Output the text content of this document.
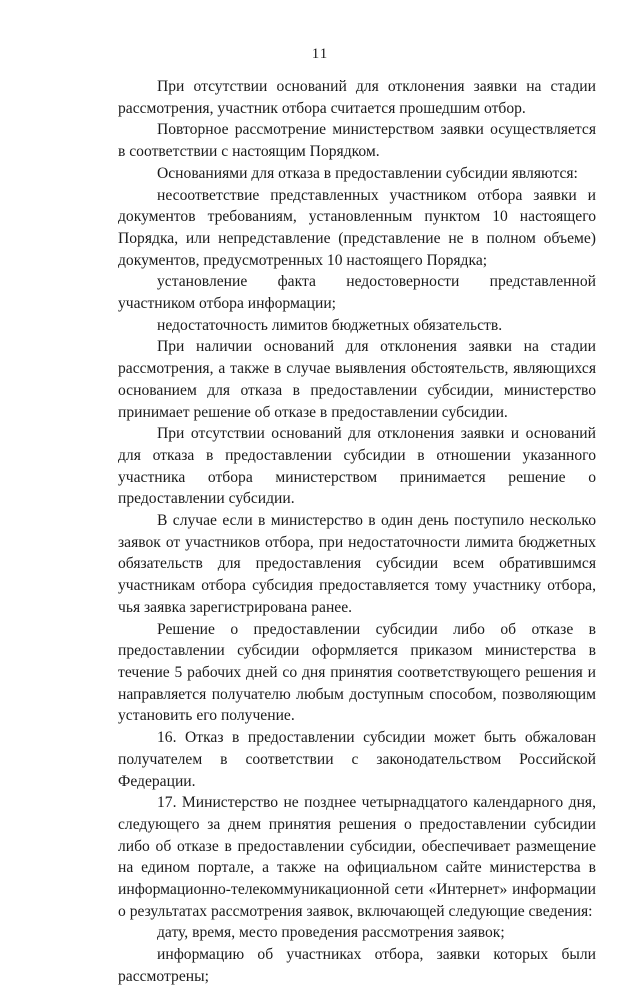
11

При отсутствии оснований для отклонения заявки на стадии рассмотрения, участник отбора считается прошедшим отбор.

Повторное рассмотрение министерством заявки осуществляется в соответствии с настоящим Порядком.

Основаниями для отказа в предоставлении субсидии являются:

несоответствие представленных участником отбора заявки и документов требованиям, установленным пунктом 10 настоящего Порядка, или непредставление (представление не в полном объеме) документов, предусмотренных 10 настоящего Порядка;

установление факта недостоверности представленной участником отбора информации;

недостаточность лимитов бюджетных обязательств.

При наличии оснований для отклонения заявки на стадии рассмотрения, а также в случае выявления обстоятельств, являющихся основанием для отказа в предоставлении субсидии, министерство принимает решение об отказе в предоставлении субсидии.

При отсутствии оснований для отклонения заявки и оснований для отказа в предоставлении субсидии в отношении указанного участника отбора министерством принимается решение о предоставлении субсидии.

В случае если в министерство в один день поступило несколько заявок от участников отбора, при недостаточности лимита бюджетных обязательств для предоставления субсидии всем обратившимся участникам отбора субсидия предоставляется тому участнику отбора, чья заявка зарегистрирована ранее.

Решение о предоставлении субсидии либо об отказе в предоставлении субсидии оформляется приказом министерства в течение 5 рабочих дней со дня принятия соответствующего решения и направляется получателю любым доступным способом, позволяющим установить его получение.

16. Отказ в предоставлении субсидии может быть обжалован получателем в соответствии с законодательством Российской Федерации.

17. Министерство не позднее четырнадцатого календарного дня, следующего за днем принятия решения о предоставлении субсидии либо об отказе в предоставлении субсидии, обеспечивает размещение на едином портале, а также на официальном сайте министерства в информационно-телекоммуникационной сети «Интернет» информации о результатах рассмотрения заявок, включающей следующие сведения:

дату, время, место проведения рассмотрения заявок;

информацию об участниках отбора, заявки которых были рассмотрены;
